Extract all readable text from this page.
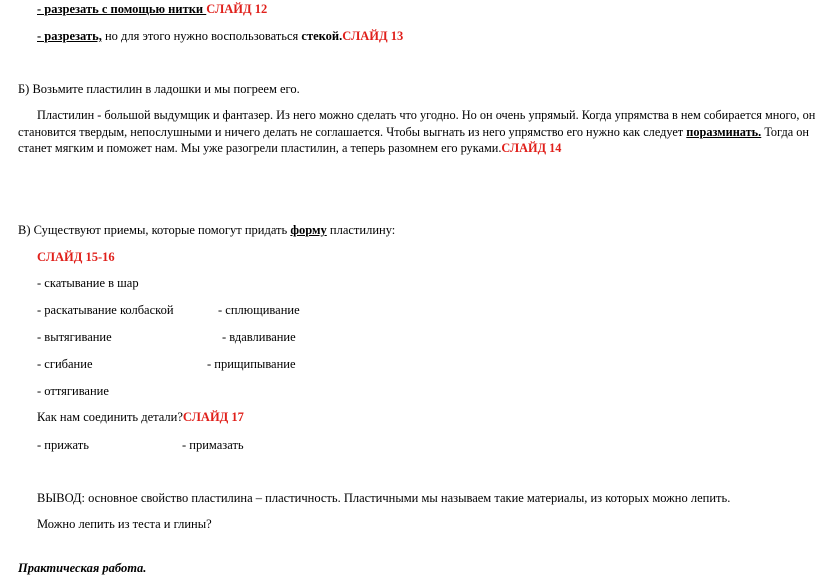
- разрезать с помощью нитки СЛАЙД 12
- разрезать, но для этого нужно воспользоваться стекой.СЛАЙД 13
Б) Возьмите пластилин в ладошки и мы погреем его.
Пластилин - большой выдумщик и фантазер. Из него можно сделать что угодно. Но он очень упрямый. Когда упрямства в нем собирается много, он становится твердым, непослушными и ничего делать не соглашается. Чтобы выгнать из него упрямство его нужно как следует поразминать. Тогда он станет мягким и поможет нам. Мы уже разогрели пластилин, а теперь разомнем его руками.СЛАЙД 14
В) Существуют приемы, которые помогут придать форму пластилину:
СЛАЙД 15-16
- скатывание в шар
- раскатывание колбаской	- сплющивание
- вытягивание	- вдавливание
- сгибание	- прищипывание
- оттягивание
Как нам соединить детали?СЛАЙД 17
- прижать	- примазать
ВЫВОД: основное свойство пластилина – пластичность. Пластичными мы называем такие материалы, из которых можно лепить.
Можно лепить из теста и глины?
Практическая работа.
